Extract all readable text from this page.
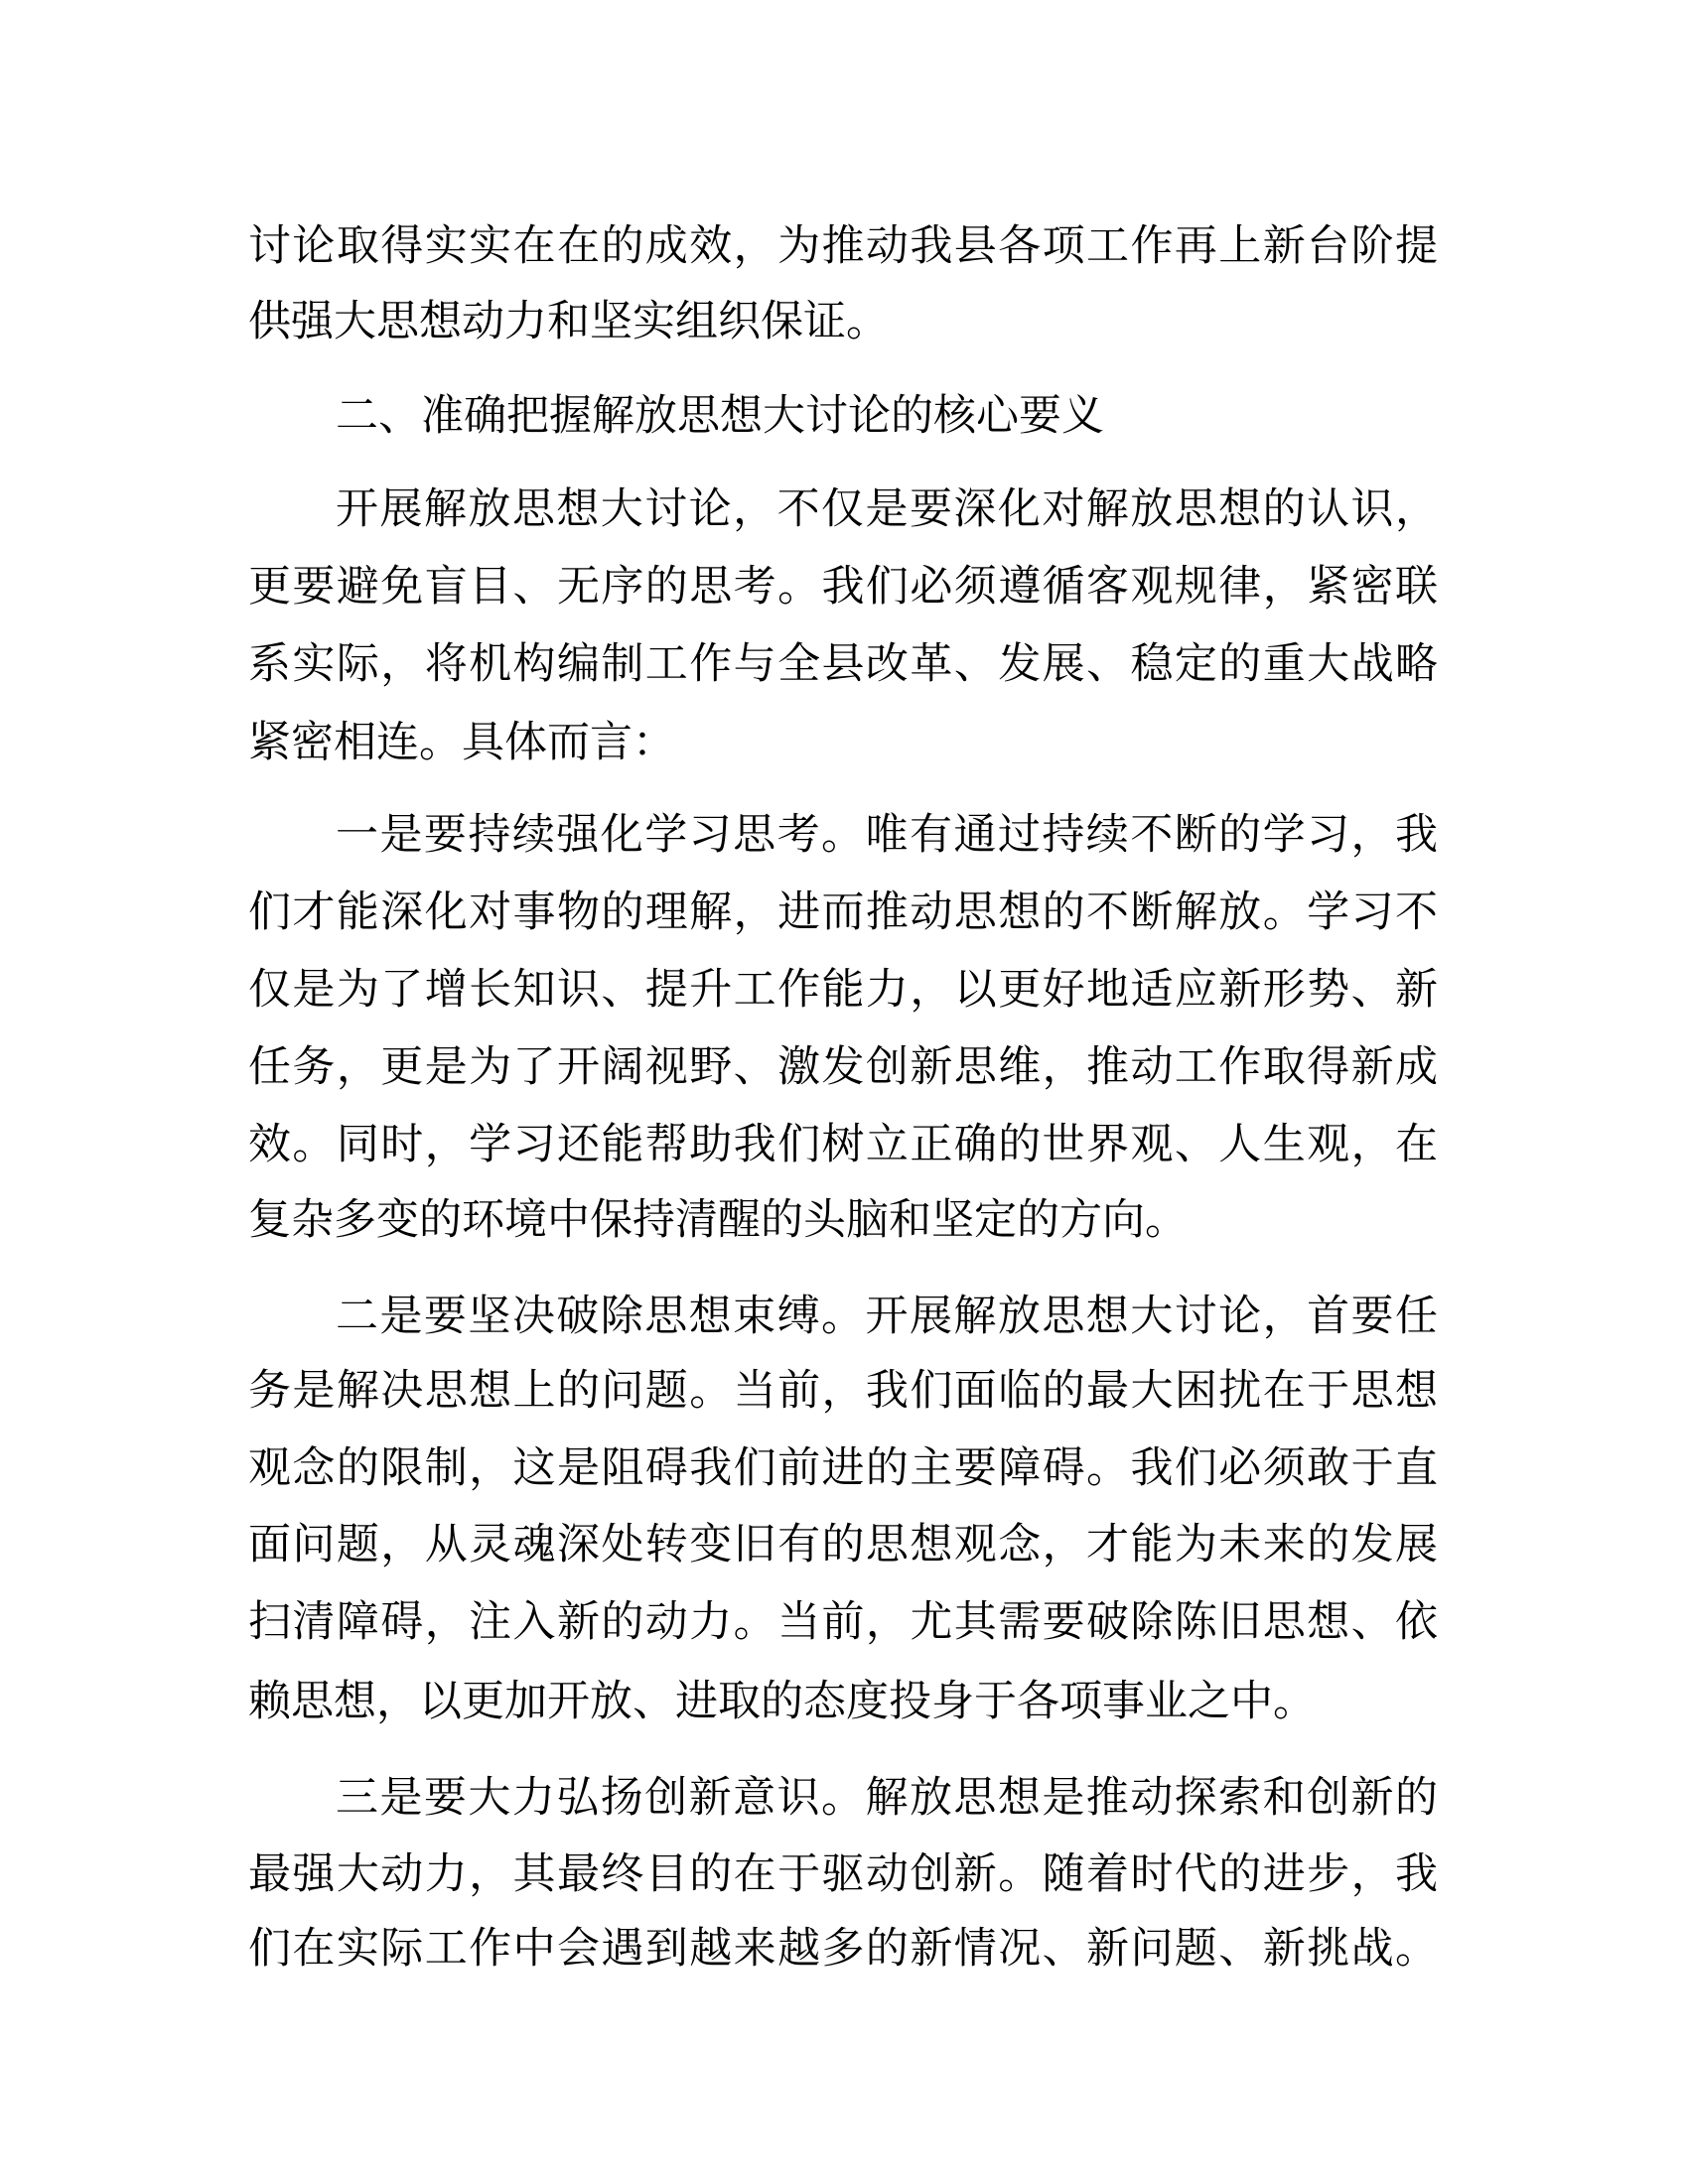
讨论取得实实在在的成效，为推动我县各项工作再上新台阶提
供强大思想动力和坚实组织保证。
二、准确把握解放思想大讨论的核心要义
开展解放思想大讨论，不仅是要深化对解放思想的认识，
更要避免盲目、无序的思考。我们必须遵循客观规律，紧密联
系实际，将机构编制工作与全县改革、发展、稳定的重大战略
紧密相连。具体而言：
一是要持续强化学习思考。唯有通过持续不断的学习，我
们才能深化对事物的理解，进而推动思想的不断解放。学习不
仅是为了增长知识、提升工作能力，以更好地适应新形势、新
任务，更是为了开阔视野、激发创新思维，推动工作取得新成
效。同时，学习还能帮助我们树立正确的世界观、人生观，在
复杂多变的环境中保持清醒的头脑和坚定的方向。
二是要坚决破除思想束缚。开展解放思想大讨论，首要任
务是解决思想上的问题。当前，我们面临的最大困扰在于思想
观念的限制，这是阻碍我们前进的主要障碍。我们必须敢于直
面问题，从灵魂深处转变旧有的思想观念，才能为未来的发展
扫清障碍，注入新的动力。当前，尤其需要破除陈旧思想、依
赖思想，以更加开放、进取的态度投身于各项事业之中。
三是要大力弘扬创新意识。解放思想是推动探索和创新的
最强大动力，其最终目的在于驱动创新。随着时代的进步，我
们在实际工作中会遇到越来越多的新情况、新问题、新挑战。
